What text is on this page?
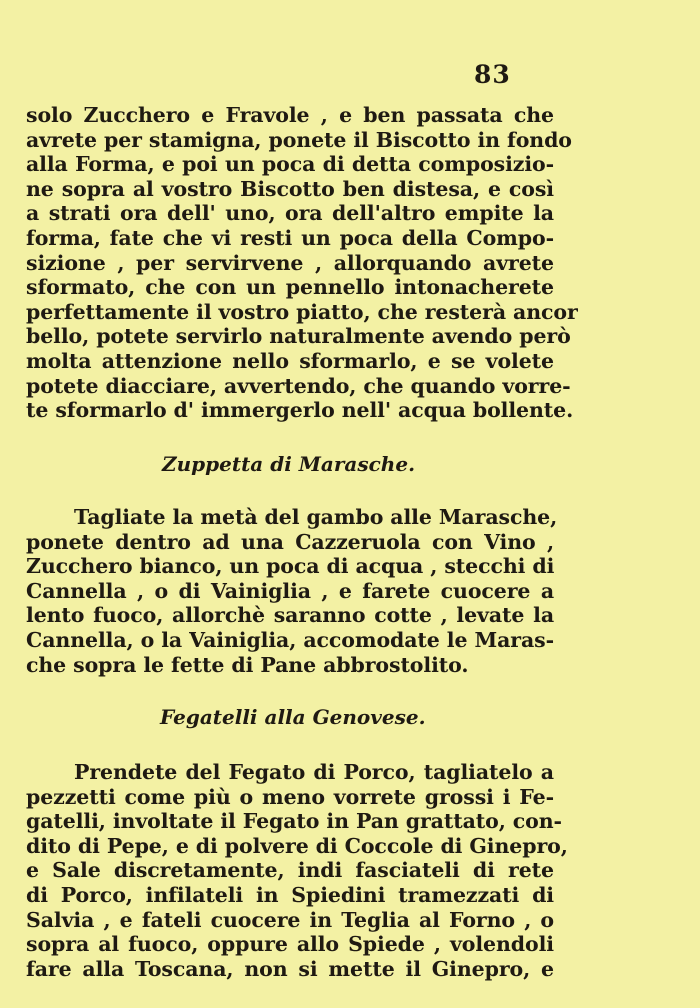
83
solo Zucchero e Fravole , e ben passata che
avrete per stamigna, ponete il Biscotto in fondo
alla Forma, e poi un poca di detta composizio-
ne sopra al vostro Biscotto ben distesa, e così
a strati ora dell' uno, ora dell'altro empite la
forma, fate che vi resti un poca della Compo-
sizione , per servirvene , allorquando avrete
sformato, che con un pennello intonacherete
perfettamente il vostro piatto, che resterà ancor
bello, potete servirlo naturalmente avendo però
molta attenzione nello sformarlo, e se volete
potete diacciare, avvertendo, che quando vorre-
te sformarlo d' immergerlo nell' acqua bollente.
Zuppetta di Marasche.
Tagliate la metà del gambo alle Marasche,
ponete dentro ad una Cazzeruola con Vino ,
Zucchero bianco, un poca di acqua , stecchi di
Cannella , o di Vainiglia , e farete cuocere a
lento fuoco, allorchè saranno cotte , levate la
Cannella, o la Vainiglia, accomodate le Maras-
che sopra le fette di Pane abbrostolito.
Fegatelli alla Genovese.
Prendete del Fegato di Porco, tagliatelo a
pezzetti come più o meno vorrete grossi i Fe-
gatelli, involtate il Fegato in Pan grattato, con-
dito di Pepe, e di polvere di Coccole di Ginepro,
e Sale discretamente, indi fasciateli di rete
di Porco, infilateli in Spiedini tramezzati di
Salvia , e fateli cuocere in Teglia al Forno , o
sopra al fuoco, oppure allo Spiede , volendoli
fare alla Toscana, non si mette il Ginepro, e
